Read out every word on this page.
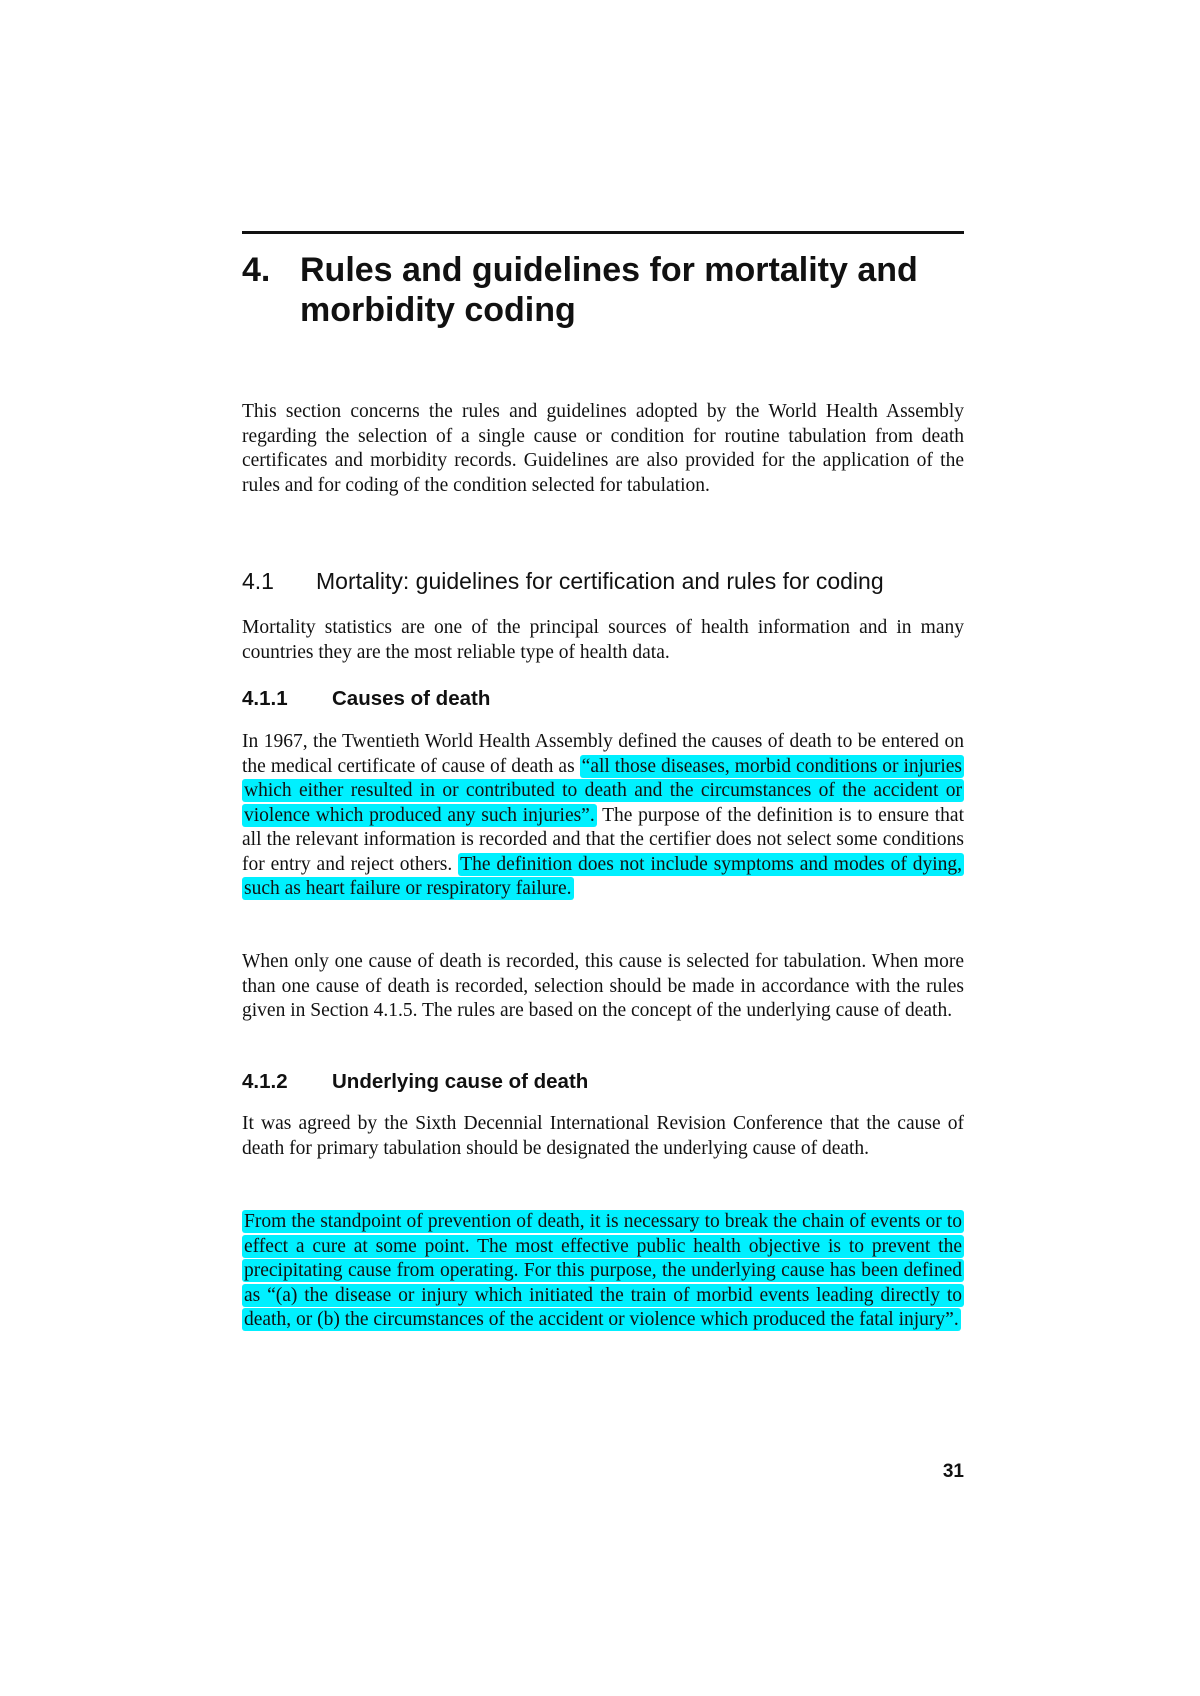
4. Rules and guidelines for mortality and morbidity coding

This section concerns the rules and guidelines adopted by the World Health Assembly regarding the selection of a single cause or condition for routine tabulation from death certificates and morbidity records. Guidelines are also provided for the application of the rules and for coding of the condition selected for tabulation.

4.1 Mortality: guidelines for certification and rules for coding

Mortality statistics are one of the principal sources of health information and in many countries they are the most reliable type of health data.

4.1.1 Causes of death

In 1967, the Twentieth World Health Assembly defined the causes of death to be entered on the medical certificate of cause of death as “all those diseases, morbid conditions or injuries which either resulted in or contributed to death and the circumstances of the accident or violence which produced any such injuries”. The purpose of the definition is to ensure that all the relevant information is recorded and that the certifier does not select some conditions for entry and reject others. The definition does not include symptoms and modes of dying, such as heart failure or respiratory failure.

When only one cause of death is recorded, this cause is selected for tabulation. When more than one cause of death is recorded, selection should be made in accordance with the rules given in Section 4.1.5. The rules are based on the concept of the underlying cause of death.

4.1.2 Underlying cause of death

It was agreed by the Sixth Decennial International Revision Conference that the cause of death for primary tabulation should be designated the underlying cause of death.

From the standpoint of prevention of death, it is necessary to break the chain of events or to effect a cure at some point. The most effective public health objective is to prevent the precipitating cause from operating. For this purpose, the underlying cause has been defined as “(a) the disease or injury which initiated the train of morbid events leading directly to death, or (b) the circumstances of the accident or violence which produced the fatal injury”.

31
